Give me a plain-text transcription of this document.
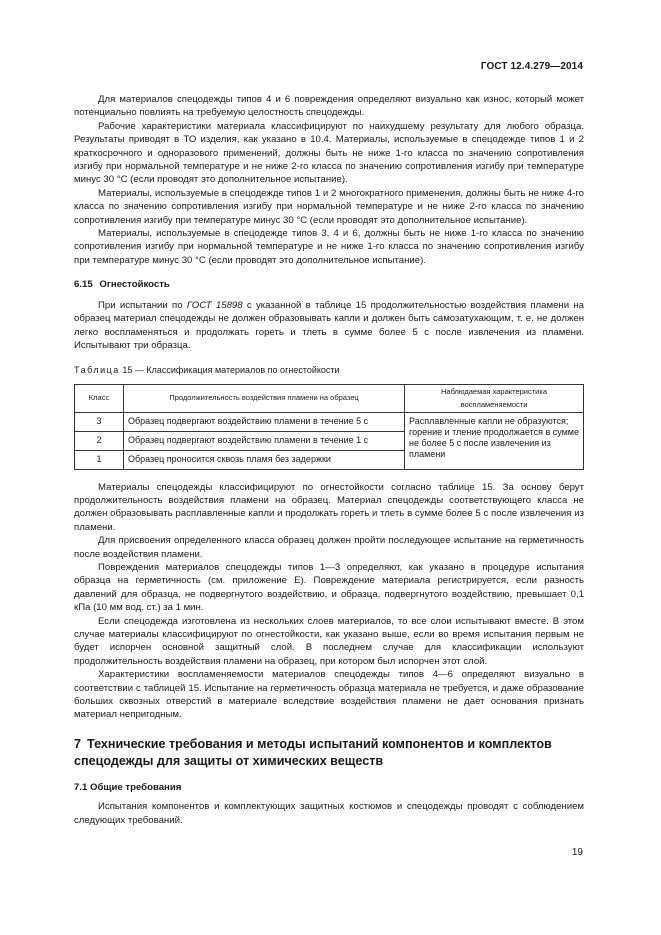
ГОСТ 12.4.279—2014

Для материалов спецодежды типов 4 и 6 повреждения определяют визуально как износ, который может потенциально повлиять на требуемую целостность спецодежды.

Рабочие характеристики материала классифицируют по наихудшему результату для любого образца. Результаты приводят в ТО изделия, как указано в 10.4. Материалы, используемые в спецодежде типов 1 и 2 краткосрочного и одноразового применений, должны быть не ниже 1-го класса по значению сопротивления изгибу при нормальной температуре и не ниже 2-го класса по значению сопротивления изгибу при температуре минус 30 °С (если проводят это дополнительное испытание).

Материалы, используемые в спецодежде типов 1 и 2 многократного применения, должны быть не ниже 4-го класса по значению сопротивления изгибу при нормальной температуре и не ниже 2-го класса по значению сопротивления изгибу при температуре минус 30 °С (если проводят это дополнительное испытание).

Материалы, используемые в спецодежде типов 3, 4 и 6, должны быть не ниже 1-го класса по значению сопротивления изгибу при нормальной температуре и не ниже 1-го класса по значению сопротивления изгибу при температуре минус 30 °С (если проводят это дополнительное испытание).

6.15 Огнестойкость

При испытании по ГОСТ 15898 с указанной в таблице 15 продолжительностью воздействия пламени на образец материал спецодежды не должен образовывать капли и должен быть самозатухающим, т. е. не должен легко воспламеняться и продолжать гореть и тлеть в сумме более 5 с после извлечения из пламени. Испытывают три образца.

Таблица 15 — Классификация материалов по огнестойкости
Класс	Продолжительность воздействия пламени на образец	Наблюдаемая характеристика воспламеняемости
3	Образец подвергают воздействию пламени в течение 5 с	Расплавленные капли не образуются; горение и тление продолжается в сумме не более 5 с после извлечения из пламени
2	Образец подвергают воздействию пламени в течение 1 с	
1	Образец проносится сквозь пламя без задержки	

Материалы спецодежды классифицируют по огнестойкости согласно таблице 15. За основу берут продолжительность воздействия пламени на образец. Материал спецодежды соответствующего класса не должен образовывать расплавленные капли и продолжать гореть и тлеть в сумме более 5 с после извлечения из пламени.

Для присвоения определенного класса образец должен пройти последующее испытание на герметичность после воздействия пламени.

Повреждения материалов спецодежды типов 1—3 определяют, как указано в процедуре испытания образца на герметичность (см. приложение Е). Повреждение материала регистрируется, если разность давлений для образца, не подвергнутого воздействию, и образца, подвергнутого воздействию, превышает 0,1 кПа (10 мм вод. ст.) за 1 мин.

Если спецодежда изготовлена из нескольких слоев материалов, то все слои испытывают вместе. В этом случае материалы классифицируют по огнестойкости, как указано выше, если во время испытания первым не будет испорчен основной защитный слой. В последнем случае для классификации используют продолжительность воздействия пламени на образец, при котором был испорчен этот слой.

Характеристики воспламеняемости материалов спецодежды типов 4—6 определяют визуально в соответствии с таблицей 15. Испытание на герметичность образца материала не требуется, и даже образование больших сквозных отверстий в материале вследствие воздействия пламени не дает основания признать материал непригодным.

7 Технические требования и методы испытаний компонентов и комплектов спецодежды для защиты от химических веществ
7.1 Общие требования

Испытания компонентов и комплектующих защитных костюмов и спецодежды проводят с соблюдением следующих требований.

19
